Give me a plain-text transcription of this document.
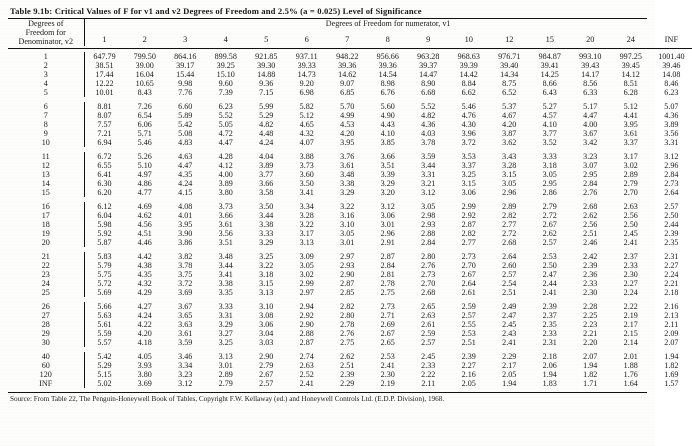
Table 9.1b: Critical Values of F for v1 and v2 Degrees of Freedom and 2.5% (a = 0.025) Level of Significance
Degrees of
Freedom for
Denominator, v2	Degrees of Freedom for numerator, v1														
	1	2	3	4	5	6	7	8	9	10	12	15	20	24	INF

1	647.79	799.50	864.16	899.58	921.85	937.11	948.22	956.66	963.28	968.63	976.71	984.87	993.10	997.25	1001.40
2	38.51	39.00	39.17	39.25	39.30	39.33	39.36	39.36	39.37	39.39	39.40	39.41	39.43	39.45	39.46
3	17.44	16.04	15.44	15.10	14.88	14.73	14.62	14.54	14.47	14.42	14.34	14.25	14.17	14.12	14.08
4	12.22	10.65	9.98	9.60	9.36	9.20	9.07	8.98	8.90	8.84	8.75	8.66	8.56	8.51	8.46
5	10.01	8.43	7.76	7.39	7.15	6.98	6.85	6.76	6.68	6.62	6.52	6.43	6.33	6.28	6.23

6	8.81	7.26	6.60	6.23	5.99	5.82	5.70	5.60	5.52	5.46	5.37	5.27	5.17	5.12	5.07
7	8.07	6.54	5.89	5.52	5.29	5.12	4.99	4.90	4.82	4.76	4.67	4.57	4.47	4.41	4.36
8	7.57	6.06	5.42	5.05	4.82	4.65	4.53	4.43	4.36	4.30	4.20	4.10	4.00	3.95	3.89
9	7.21	5.71	5.08	4.72	4.48	4.32	4.20	4.10	4.03	3.96	3.87	3.77	3.67	3.61	3.56
10	6.94	5.46	4.83	4.47	4.24	4.07	3.95	3.85	3.78	3.72	3.62	3.52	3.42	3.37	3.31

11	6.72	5.26	4.63	4.28	4.04	3.88	3.76	3.66	3.59	3.53	3.43	3.33	3.23	3.17	3.12
12	6.55	5.10	4.47	4.12	3.89	3.73	3.61	3.51	3.44	3.37	3.28	3.18	3.07	3.02	2.96
13	6.41	4.97	4.35	4.00	3.77	3.60	3.48	3.39	3.31	3.25	3.15	3.05	2.95	2.89	2.84
14	6.30	4.86	4.24	3.89	3.66	3.50	3.38	3.29	3.21	3.15	3.05	2.95	2.84	2.79	2.73
15	6.20	4.77	4.15	3.80	3.58	3.41	3.29	3.20	3.12	3.06	2.96	2.86	2.76	2.70	2.64

16	6.12	4.69	4.08	3.73	3.50	3.34	3.22	3.12	3.05	2.99	2.89	2.79	2.68	2.63	2.57
17	6.04	4.62	4.01	3.66	3.44	3.28	3.16	3.06	2.98	2.92	2.82	2.72	2.62	2.56	2.50
18	5.98	4.56	3.95	3.61	3.38	3.22	3.10	3.01	2.93	2.87	2.77	2.67	2.56	2.50	2.44
19	5.92	4.51	3.90	3.56	3.33	3.17	3.05	2.96	2.88	2.82	2.72	2.62	2.51	2.45	2.39
20	5.87	4.46	3.86	3.51	3.29	3.13	3.01	2.91	2.84	2.77	2.68	2.57	2.46	2.41	2.35

21	5.83	4.42	3.82	3.48	3.25	3.09	2.97	2.87	2.80	2.73	2.64	2.53	2.42	2.37	2.31
22	5.79	4.38	3.78	3.44	3.22	3.05	2.93	2.84	2.76	2.70	2.60	2.50	2.39	2.33	2.27
23	5.75	4.35	3.75	3.41	3.18	3.02	2.90	2.81	2.73	2.67	2.57	2.47	2.36	2.30	2.24
24	5.72	4.32	3.72	3.38	3.15	2.99	2.87	2.78	2.70	2.64	2.54	2.44	2.33	2.27	2.21
25	5.69	4.29	3.69	3.35	3.13	2.97	2.85	2.75	2.68	2.61	2.51	2.41	2.30	2.24	2.18

26	5.66	4.27	3.67	3.33	3.10	2.94	2.82	2.73	2.65	2.59	2.49	2.39	2.28	2.22	2.16
27	5.63	4.24	3.65	3.31	3.08	2.92	2.80	2.71	2.63	2.57	2.47	2.37	2.25	2.19	2.13
28	5.61	4.22	3.63	3.29	3.06	2.90	2.78	2.69	2.61	2.55	2.45	2.35	2.23	2.17	2.11
29	5.59	4.20	3.61	3.27	3.04	2.88	2.76	2.67	2.59	2.53	2.43	2.33	2.21	2.15	2.09
30	5.57	4.18	3.59	3.25	3.03	2.87	2.75	2.65	2.57	2.51	2.41	2.31	2.20	2.14	2.07

40	5.42	4.05	3.46	3.13	2.90	2.74	2.62	2.53	2.45	2.39	2.29	2.18	2.07	2.01	1.94
60	5.29	3.93	3.34	3.01	2.79	2.63	2.51	2.41	2.33	2.27	2.17	2.06	1.94	1.88	1.82
120	5.15	3.80	3.23	2.89	2.67	2.52	2.39	2.30	2.22	2.16	2.05	1.94	1.82	1.76	1.69
INF	5.02	3.69	3.12	2.79	2.57	2.41	2.29	2.19	2.11	2.05	1.94	1.83	1.71	1.64	1.57
Source: From Table 22, The Penguin-Honeywell Book of Tables, Copyright F.W. Kellaway (ed.) and Honeywell Controls Ltd. (E.D.P. Division), 1968.
